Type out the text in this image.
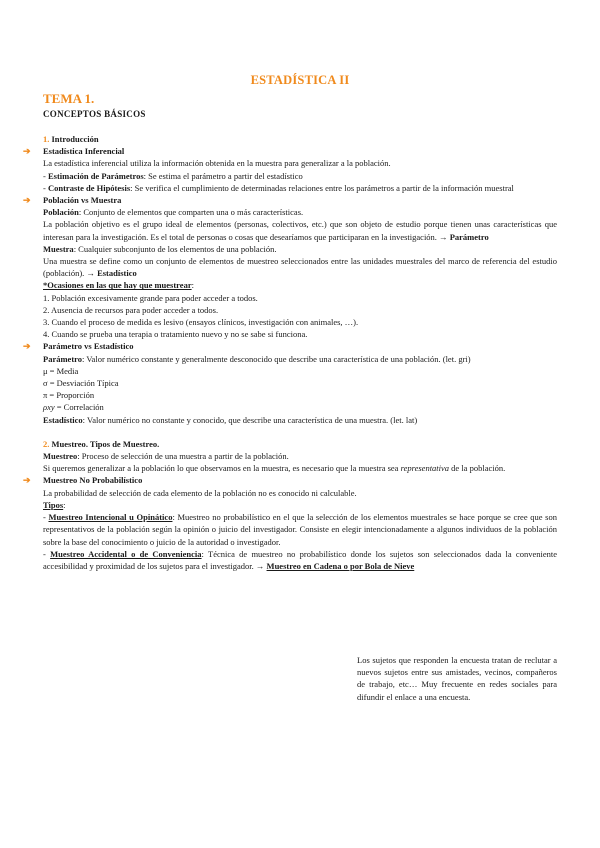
ESTADÍSTICA II
TEMA 1.
CONCEPTOS BÁSICOS
1. Introducción
➔ Estadística Inferencial
La estadística inferencial utiliza la información obtenida en la muestra para generalizar a la población.
- Estimación de Parámetros: Se estima el parámetro a partir del estadístico
- Contraste de Hipótesis: Se verifica el cumplimiento de determinadas relaciones entre los parámetros a partir de la información muestral
➔ Población vs Muestra
Población: Conjunto de elementos que comparten una o más características.
La población objetivo es el grupo ideal de elementos (personas, colectivos, etc.) que son objeto de estudio porque tienen unas características que interesan para la investigación. Es el total de personas o cosas que desearíamos que participaran en la investigación. → Parámetro
Muestra: Cualquier subconjunto de los elementos de una población.
Una muestra se define como un conjunto de elementos de muestreo seleccionados entre las unidades muestrales del marco de referencia del estudio (población). → Estadístico
*Ocasiones en las que hay que muestrear:
1. Población excesivamente grande para poder acceder a todos.
2. Ausencia de recursos para poder acceder a todos.
3. Cuando el proceso de medida es lesivo (ensayos clínicos, investigación con animales, …).
4. Cuando se prueba una terapia o tratamiento nuevo y no se sabe si funciona.
➔ Parámetro vs Estadístico
Parámetro: Valor numérico constante y generalmente desconocido que describe una característica de una población. (let. gri)
μ = Media
σ = Desviación Típica
π = Proporción
ρxy = Correlación
Estadístico: Valor numérico no constante y conocido, que describe una característica de una muestra. (let. lat)
2. Muestreo. Tipos de Muestreo.
Muestreo: Proceso de selección de una muestra a partir de la población.
Si queremos generalizar a la población lo que observamos en la muestra, es necesario que la muestra sea representativa de la población.
➔ Muestreo No Probabilístico
La probabilidad de selección de cada elemento de la población no es conocido ni calculable.
Tipos:
- Muestreo Intencional u Opinático: Muestreo no probabilístico en el que la selección de los elementos muestrales se hace porque se cree que son representativos de la población según la opinión o juicio del investigador. Consiste en elegir intencionadamente a algunos individuos de la población sobre la base del conocimiento o juicio de la autoridad o investigador.
- Muestreo Accidental o de Conveniencia: Técnica de muestreo no probabilístico donde los sujetos son seleccionados dada la conveniente accesibilidad y proximidad de los sujetos para el investigador. → Muestreo en Cadena o por Bola de Nieve
Los sujetos que responden la encuesta tratan de reclutar a nuevos sujetos entre sus amistades, vecinos, compañeros de trabajo, etc… Muy frecuente en redes sociales para difundir el enlace a una encuesta.
